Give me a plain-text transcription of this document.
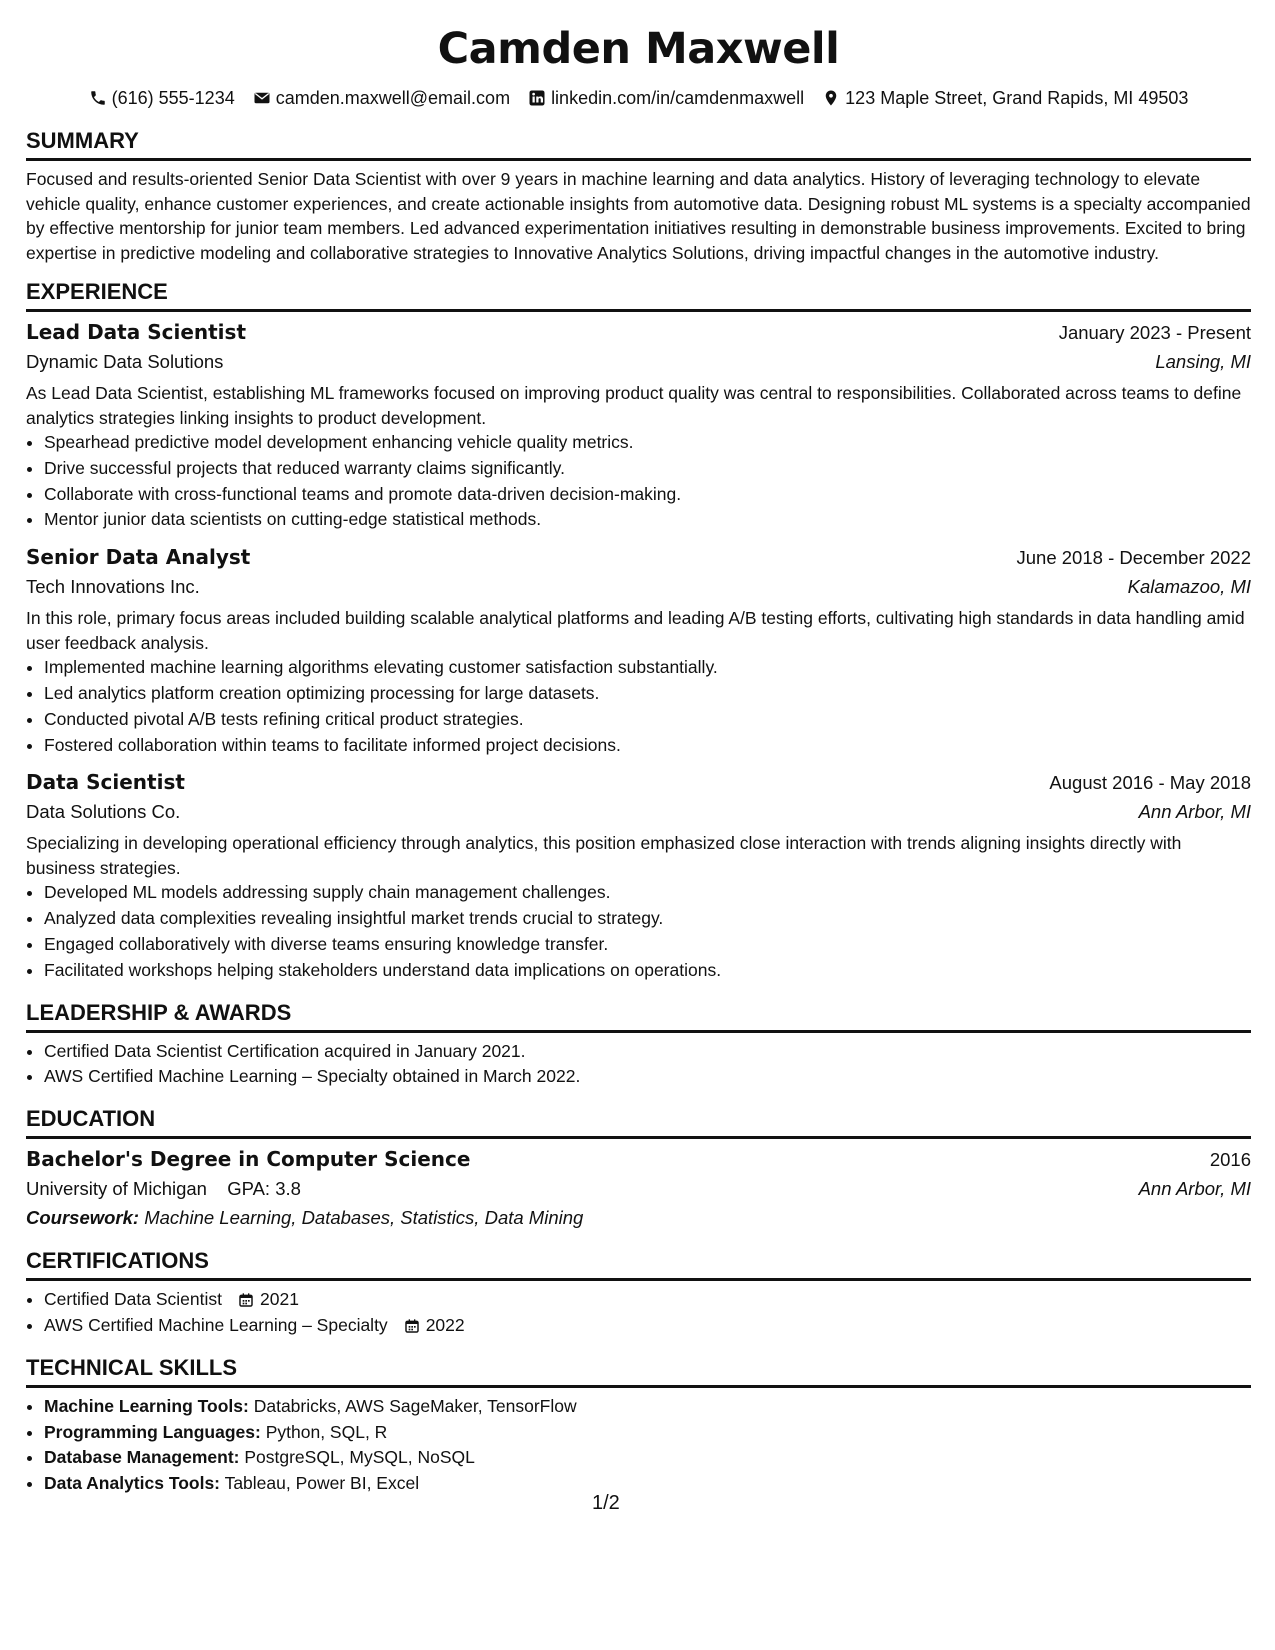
Camden Maxwell
(616) 555-1234 camden.maxwell@email.com linkedin.com/in/camdenmaxwell 123 Maple Street, Grand Rapids, MI 49503
SUMMARY

Focused and results-oriented Senior Data Scientist with over 9 years in machine learning and data analytics. History of leveraging technology to elevate vehicle quality, enhance customer experiences, and create actionable insights from automotive data. Designing robust ML systems is a specialty accompanied by effective mentorship for junior team members. Led advanced experimentation initiatives resulting in demonstrable business improvements. Excited to bring expertise in predictive modeling and collaborative strategies to Innovative Analytics Solutions, driving impactful changes in the automotive industry.

EXPERIENCE
Lead Data Scientist	January 2023 - Present
Dynamic Data Solutions	Lansing, MI

As Lead Data Scientist, establishing ML frameworks focused on improving product quality was central to responsibilities. Collaborated across teams to define analytics strategies linking insights to product development.

• Spearhead predictive model development enhancing vehicle quality metrics.
• Drive successful projects that reduced warranty claims significantly.
• Collaborate with cross-functional teams and promote data-driven decision-making.
• Mentor junior data scientists on cutting-edge statistical methods.
Senior Data Analyst	June 2018 - December 2022
Tech Innovations Inc.	Kalamazoo, MI

In this role, primary focus areas included building scalable analytical platforms and leading A/B testing efforts, cultivating high standards in data handling amid user feedback analysis.

• Implemented machine learning algorithms elevating customer satisfaction substantially.
• Led analytics platform creation optimizing processing for large datasets.
• Conducted pivotal A/B tests refining critical product strategies.
• Fostered collaboration within teams to facilitate informed project decisions.
Data Scientist	August 2016 - May 2018
Data Solutions Co.	Ann Arbor, MI

Specializing in developing operational efficiency through analytics, this position emphasized close interaction with trends aligning insights directly with business strategies.

• Developed ML models addressing supply chain management challenges.
• Analyzed data complexities revealing insightful market trends crucial to strategy.
• Engaged collaboratively with diverse teams ensuring knowledge transfer.
• Facilitated workshops helping stakeholders understand data implications on operations.
LEADERSHIP & AWARDS
• Certified Data Scientist Certification acquired in January 2021.
• AWS Certified Machine Learning – Specialty obtained in March 2022.
EDUCATION
Bachelor's Degree in Computer Science	2016
University of Michigan GPA: 3.8	Ann Arbor, MI
Coursework: Machine Learning, Databases, Statistics, Data Mining
CERTIFICATIONS
• Certified Data Scientist 2021
• AWS Certified Machine Learning – Specialty 2022
TECHNICAL SKILLS
• Machine Learning Tools: Databricks, AWS SageMaker, TensorFlow
• Programming Languages: Python, SQL, R
• Database Management: PostgreSQL, MySQL, NoSQL
• Data Analytics Tools: Tableau, Power BI, Excel
1/2
